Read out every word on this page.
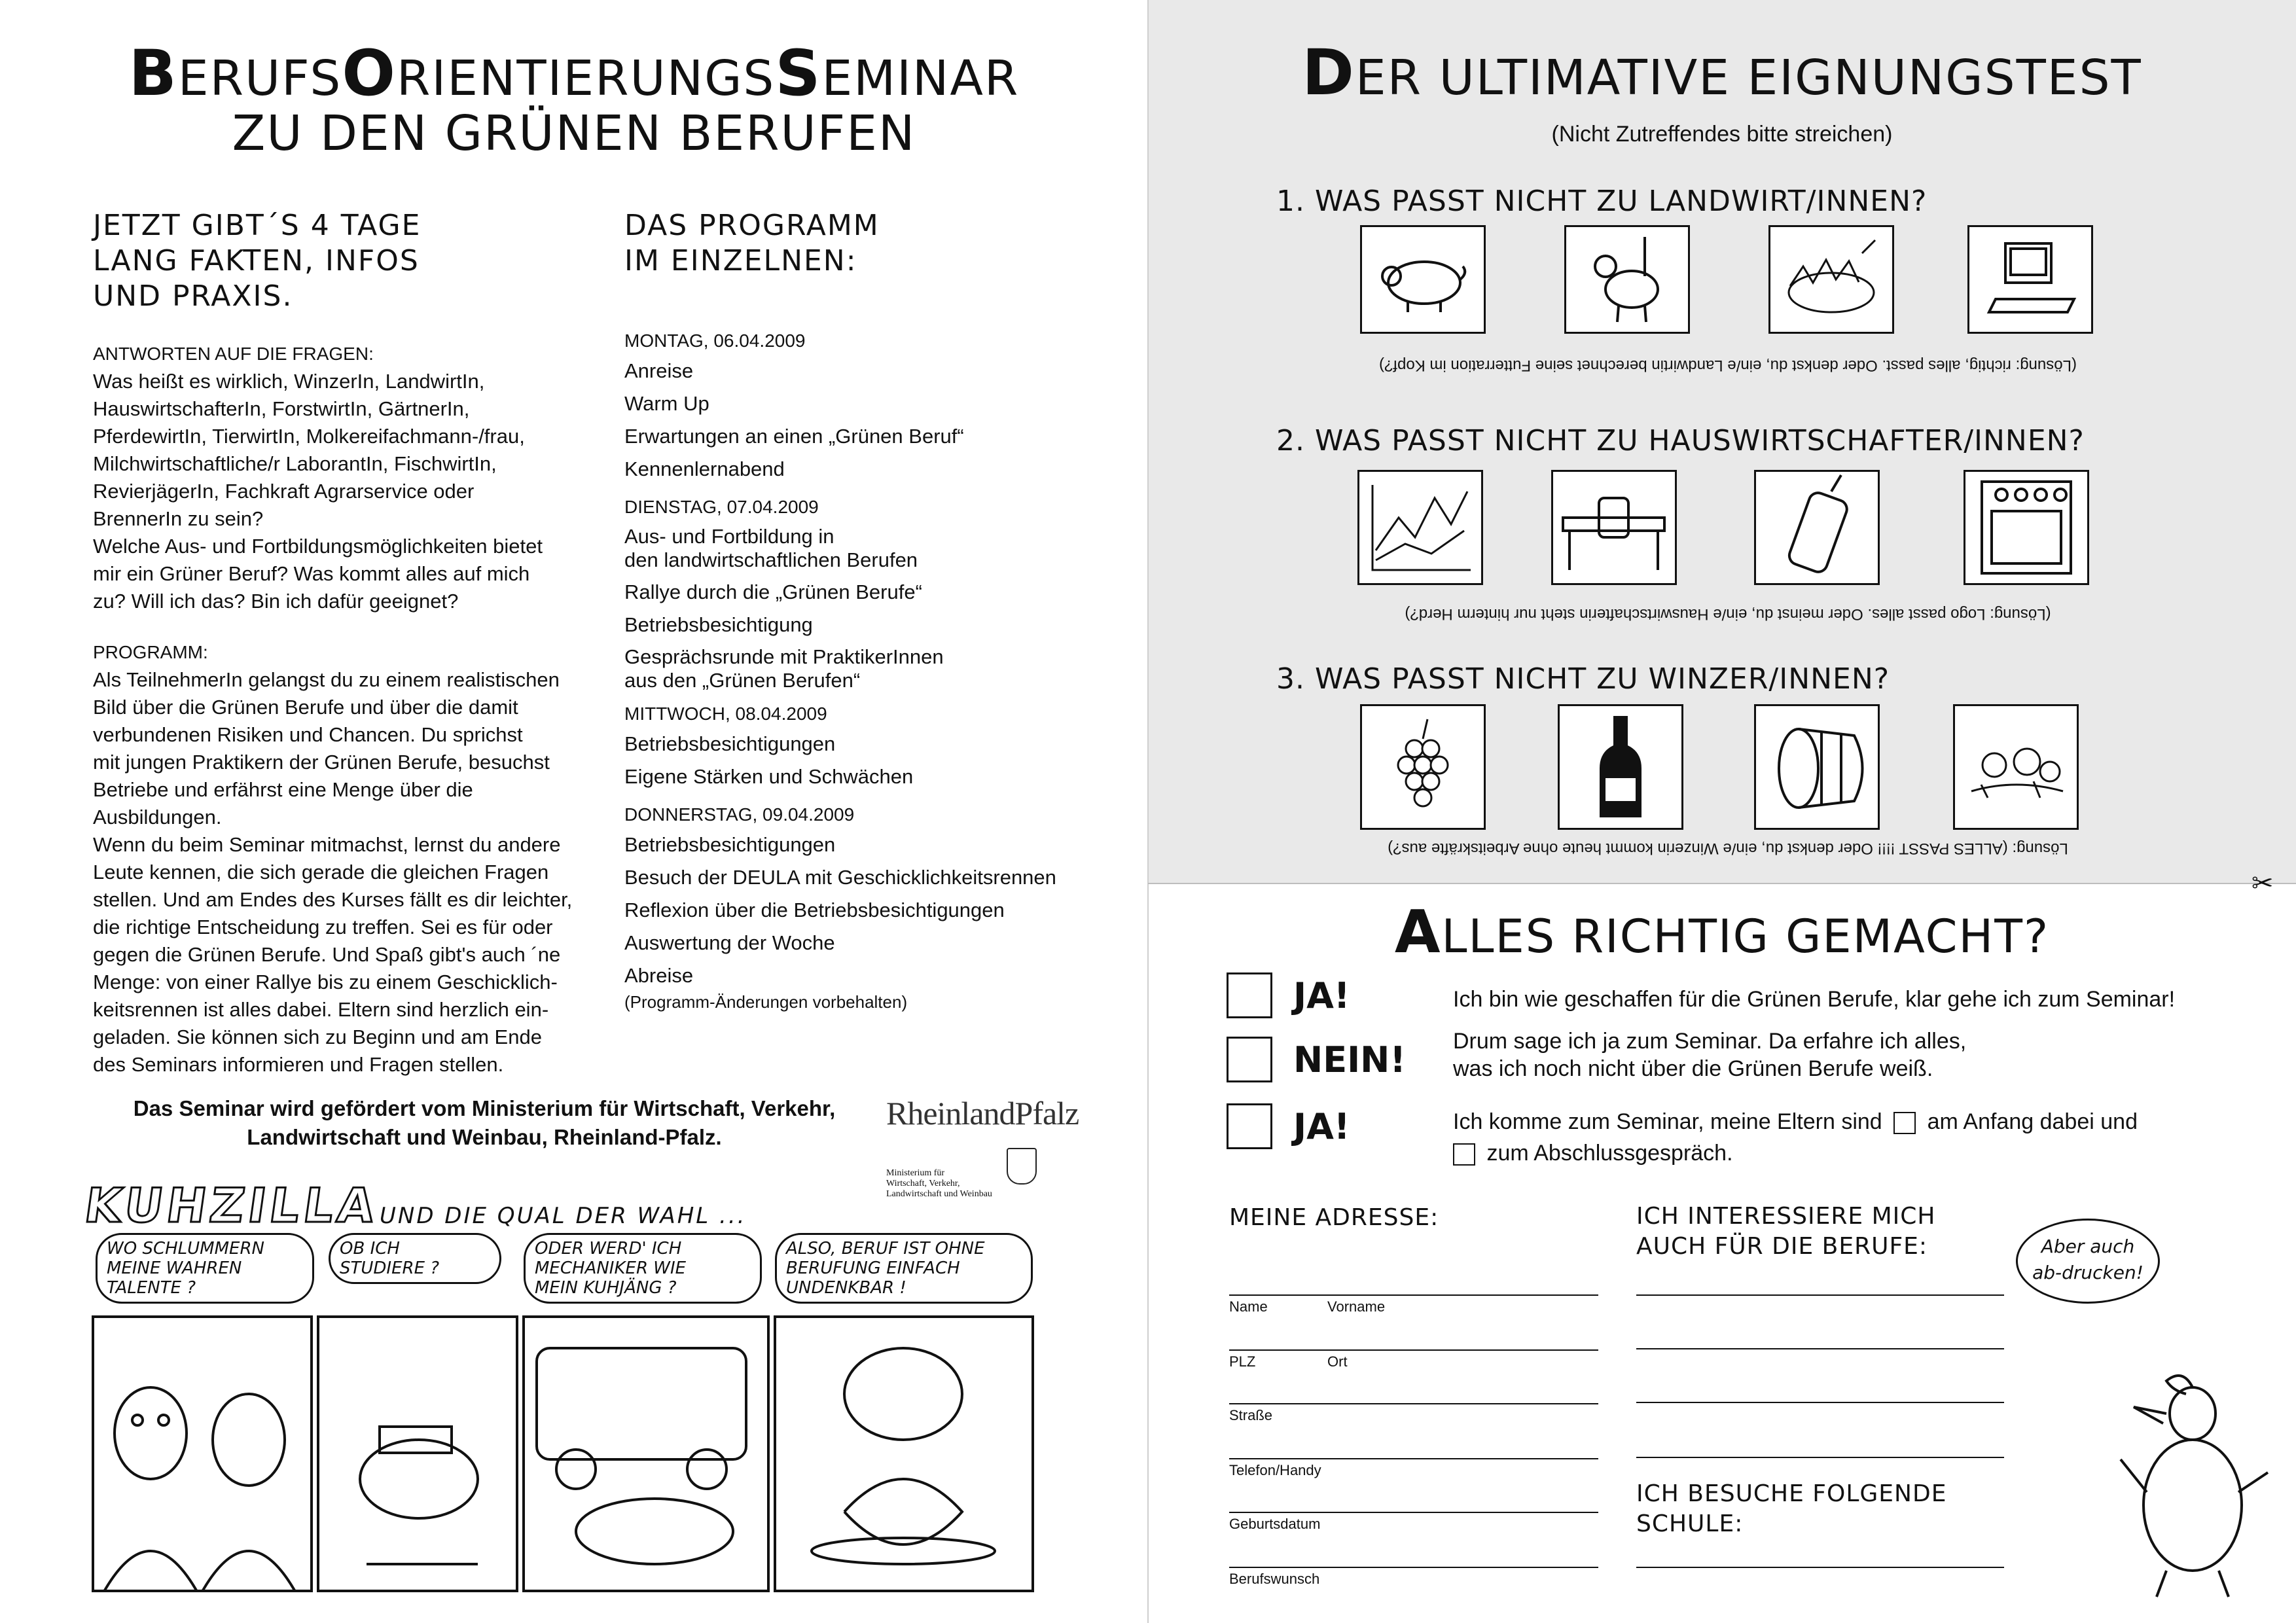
✂
BERUFSORIENTIERUNGSSEMINAR
ZU DEN GRÜNEN BERUFEN
JETZT GIBT´S 4 TAGE
LANG FAKTEN, INFOS
UND PRAXIS.
ANTWORTEN AUF DIE FRAGEN:
Was heißt es wirklich, WinzerIn, LandwirtIn,
HauswirtschafterIn, ForstwirtIn, GärtnerIn,
PferdewirtIn, TierwirtIn, Molkereifachmann-/frau,
Milchwirtschaftliche/r LaborantIn, FischwirtIn,
RevierjägerIn, Fachkraft Agrarservice oder
BrennerIn zu sein?
Welche Aus- und Fortbildungsmöglichkeiten bietet
mir ein Grüner Beruf? Was kommt alles auf mich
zu? Will ich das? Bin ich dafür geeignet?
PROGRAMM:
Als TeilnehmerIn gelangst du zu einem realistischen
Bild über die Grünen Berufe und über die damit
verbundenen Risiken und Chancen. Du sprichst
mit jungen Praktikern der Grünen Berufe, besuchst
Betriebe und erfährst eine Menge über die
Ausbildungen.
Wenn du beim Seminar mitmachst, lernst du andere
Leute kennen, die sich gerade die gleichen Fragen
stellen. Und am Endes des Kurses fällt es dir leichter,
die richtige Entscheidung zu treffen. Sei es für oder
gegen die Grünen Berufe. Und Spaß gibt's auch ´ne
Menge: von einer Rallye bis zu einem Geschicklich-
keitsrennen ist alles dabei. Eltern sind herzlich ein-
geladen. Sie können sich zu Beginn und am Ende
des Seminars informieren und Fragen stellen.
DAS PROGRAMM
IM EINZELNEN:
MONTAG, 06.04.2009
Anreise
Warm Up
Erwartungen an einen „Grünen Beruf“
Kennenlernabend
DIENSTAG, 07.04.2009
Aus- und Fortbildung in
den landwirtschaftlichen Berufen
Rallye durch die „Grünen Berufe“
Betriebsbesichtigung
Gesprächsrunde mit PraktikerInnen
aus den „Grünen Berufen“
MITTWOCH, 08.04.2009
Betriebsbesichtigungen
Eigene Stärken und Schwächen
DONNERSTAG, 09.04.2009
Betriebsbesichtigungen
Besuch der DEULA mit Geschicklichkeitsrennen
Reflexion über die Betriebsbesichtigungen
Auswertung der Woche
Abreise
(Programm-Änderungen vorbehalten)
Das Seminar wird gefördert vom Ministerium für Wirtschaft, Verkehr,
Landwirtschaft und Weinbau, Rheinland-Pfalz.
RheinlandPfalz
Ministerium für
Wirtschaft, Verkehr,
Landwirtschaft und Weinbau
KUHZILLA
UND DIE QUAL DER WAHL ...
WO SCHLUMMERN
MEINE WAHREN
TALENTE ?
OB ICH
STUDIERE ?
ODER WERD' ICH
MECHANIKER WIE
MEIN KUHJÄNG ?
ALSO, BERUF IST OHNE
BERUFUNG EINFACH
UNDENKBAR !
DER ULTIMATIVE EIGNUNGSTEST
(Nicht Zutreffendes bitte streichen)
1. WAS PASST NICHT ZU LANDWIRT/INNEN?
(Lösung: richtig, alles passt. Oder denkst du, ein/e Landwirtin berechnet seine Futterration im Kopf?)
2. WAS PASST NICHT ZU HAUSWIRTSCHAFTER/INNEN?
(Lösung: Logo passt alles. Oder meinst du, ein/e Hauswirtschafterin steht nur hinterm Herd?)
3. WAS PASST NICHT ZU WINZER/INNEN?
Lösung: (ALLES PASST !!!! Oder denkst du, ein/e Winzerin kommt heute ohne Arbeitskräfte aus?)
ALLES RICHTIG GEMACHT?
JA!	Ich bin wie geschaffen für die Grünen Berufe, klar gehe ich zum Seminar!
NEIN! Drum sage ich ja zum Seminar. Da erfahre ich alles,
was ich noch nicht über die Grünen Berufe weiß.
JA!	Ich komme zum Seminar, meine Eltern sind am Anfang dabei und
zum Abschlussgespräch.
MEINE ADRESSE:
Name	Vorname
PLZ	Ort
Straße
Telefon/Handy
Geburtsdatum
Berufswunsch
ICH INTERESSIERE MICH
AUCH FÜR DIE BERUFE:
ICH BESUCHE FOLGENDE
SCHULE:
Aber auch
ab-drucken!
